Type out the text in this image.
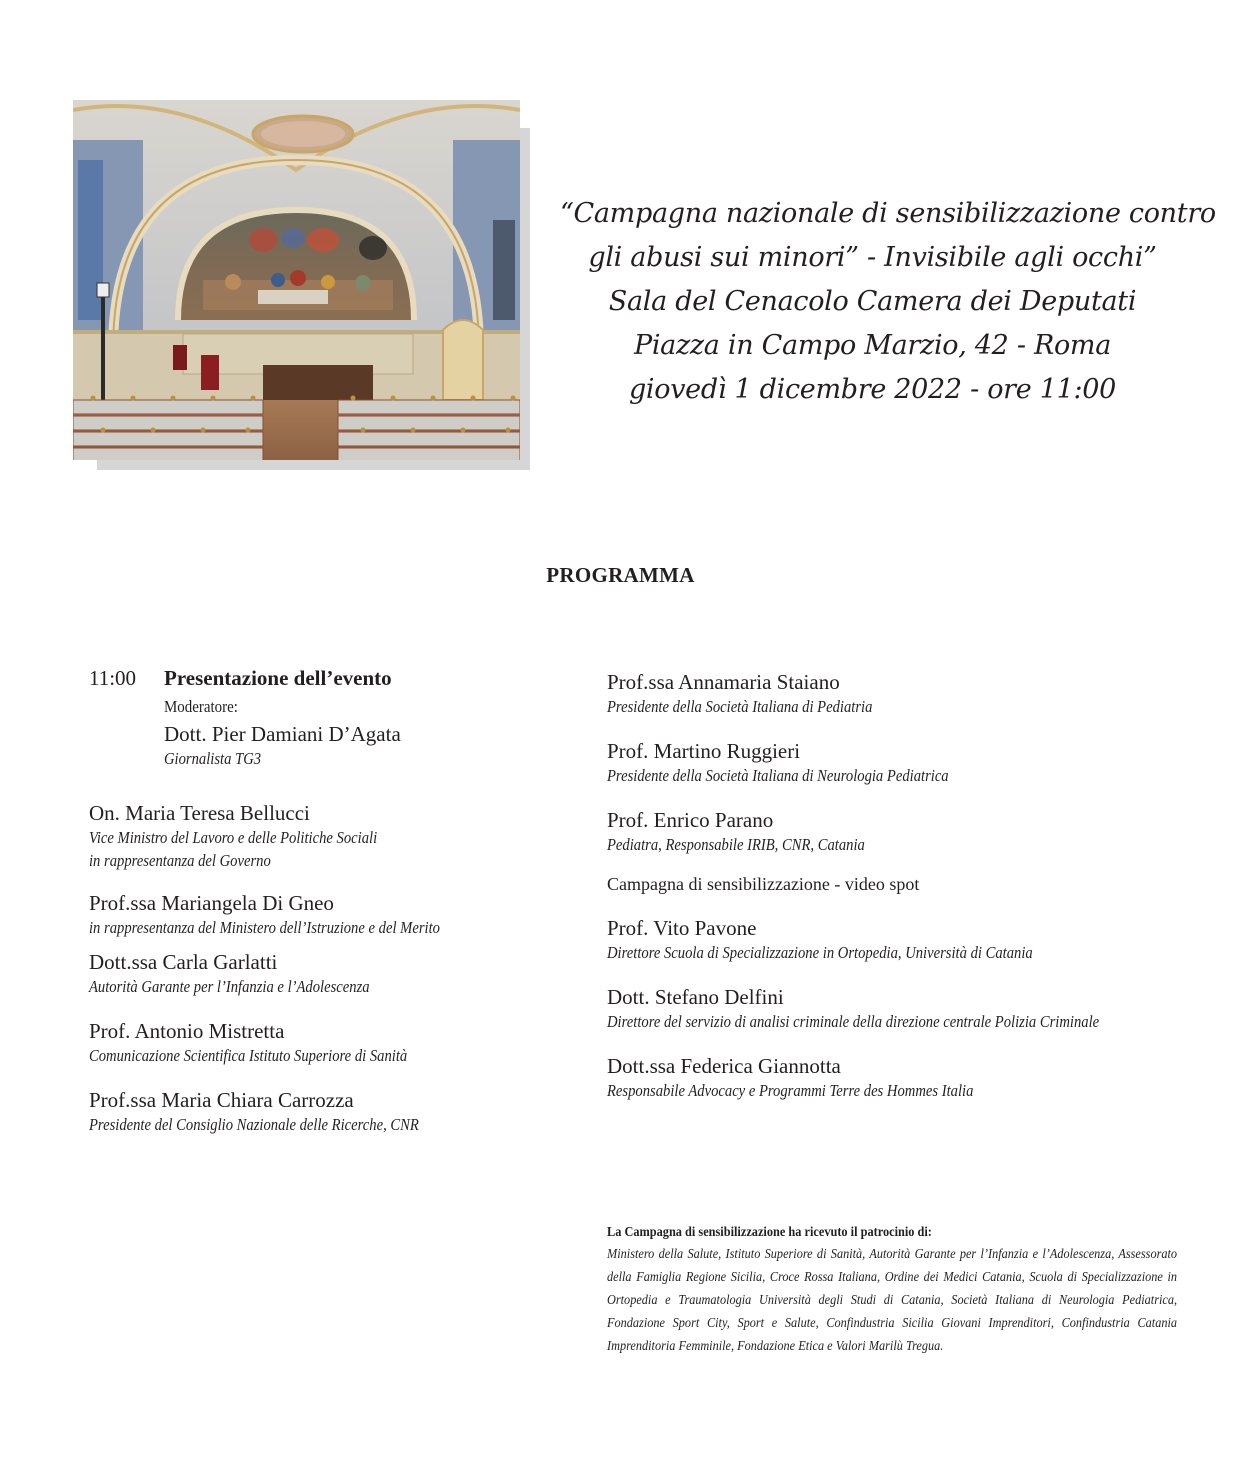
“Campagna nazionale di sensibilizzazione contro
gli abusi sui minori” - Invisibile agli occhi”
Sala del Cenacolo Camera dei Deputati
Piazza in Campo Marzio, 42 - Roma
giovedì 1 dicembre 2022 - ore 11:00
PROGRAMMA
11:00	Presentazione dell’evento
Moderatore:
Dott. Pier Damiani D’Agata
Giornalista TG3
On. Maria Teresa Bellucci
Vice Ministro del Lavoro e delle Politiche Sociali
in rappresentanza del Governo
Prof.ssa Mariangela Di Gneo
in rappresentanza del Ministero dell’Istruzione e del Merito
Dott.ssa Carla Garlatti
Autorità Garante per l’Infanzia e l’Adolescenza
Prof. Antonio Mistretta
Comunicazione Scientifica Istituto Superiore di Sanità
Prof.ssa Maria Chiara Carrozza
Presidente del Consiglio Nazionale delle Ricerche, CNR
Prof.ssa Annamaria Staiano
Presidente della Società Italiana di Pediatria
Prof. Martino Ruggieri
Presidente della Società Italiana di Neurologia Pediatrica
Prof. Enrico Parano
Pediatra, Responsabile IRIB, CNR, Catania
Campagna di sensibilizzazione - video spot
Prof. Vito Pavone
Direttore Scuola di Specializzazione in Ortopedia, Università di Catania
Dott. Stefano Delfini
Direttore del servizio di analisi criminale della direzione centrale Polizia Criminale
Dott.ssa Federica Giannotta
Responsabile Advocacy e Programmi Terre des Hommes Italia
La Campagna di sensibilizzazione ha ricevuto il patrocinio di:
Ministero della Salute, Istituto Superiore di Sanità, Autorità Garante per l’Infanzia e l’Adolescenza, Assessorato della Famiglia Regione Sicilia, Croce Rossa Italiana, Ordine dei Medici Catania, Scuola di Specializzazione in Ortopedia e Traumatologia Università degli Studi di Catania, Società Italiana di Neurologia Pediatrica, Fondazione Sport City, Sport e Salute, Confindustria Sicilia Giovani Imprenditori, Confindustria Catania Imprenditoria Femminile, Fondazione Etica e Valori Marilù Tregua.
